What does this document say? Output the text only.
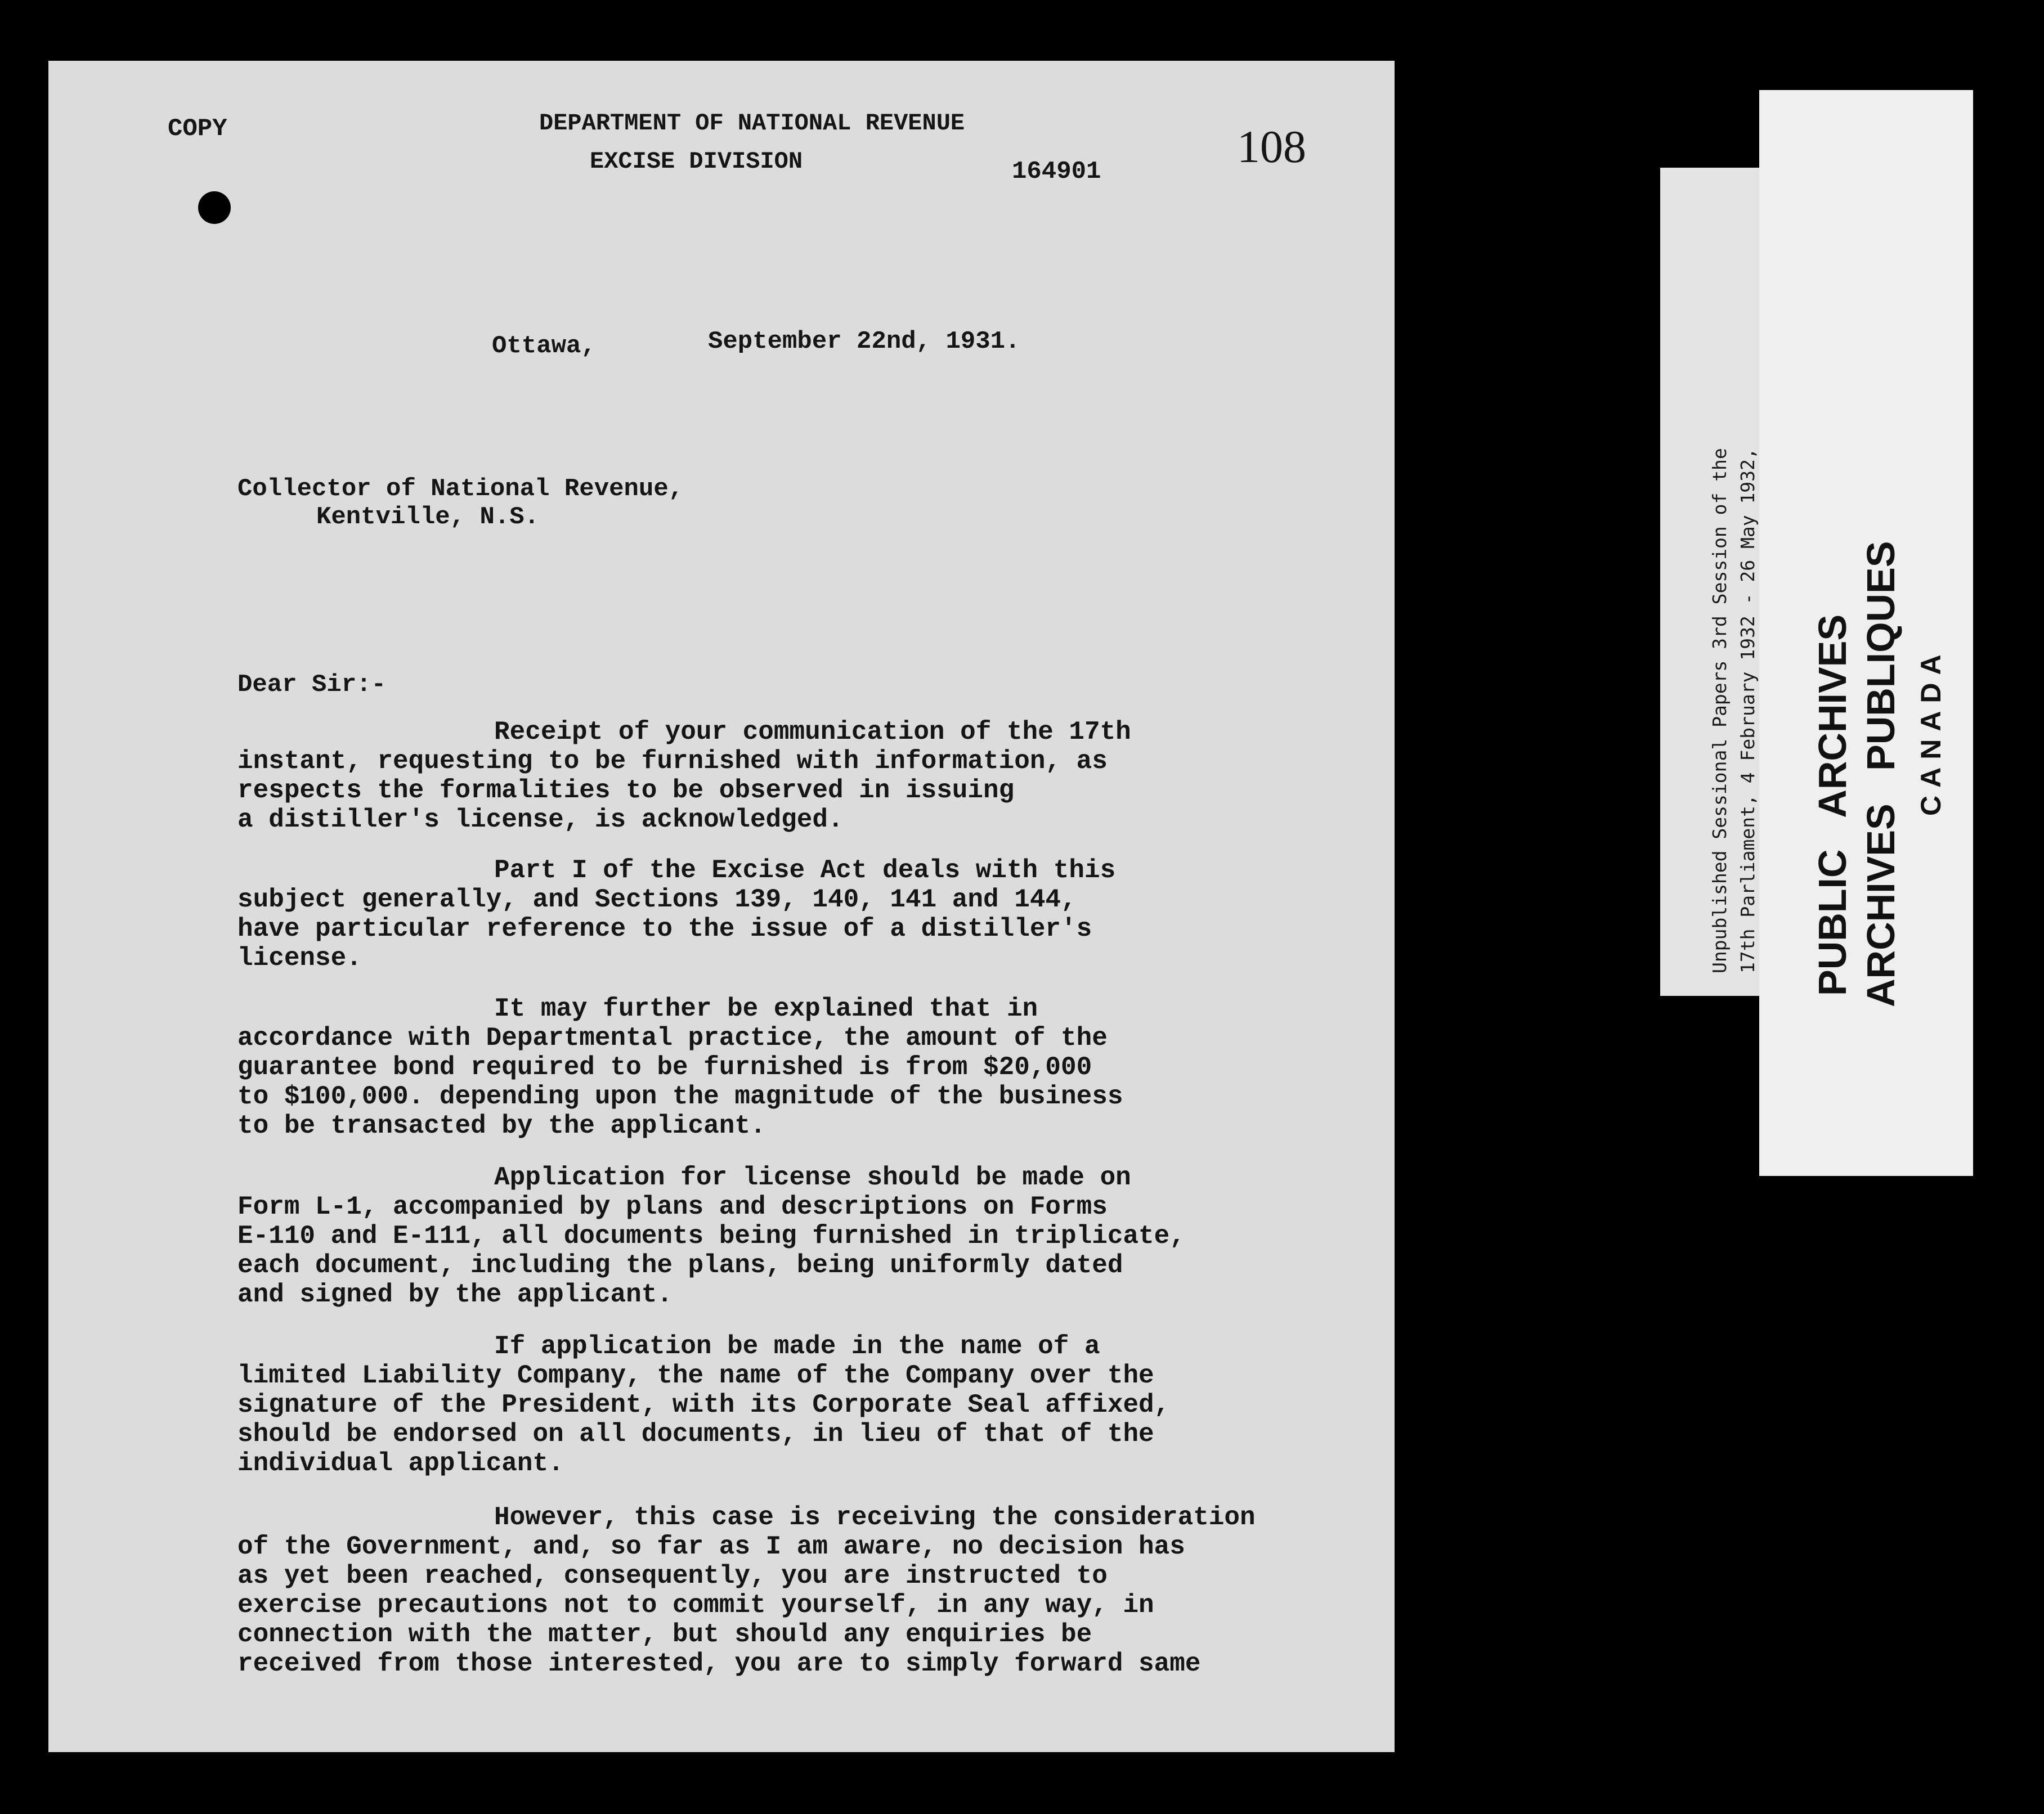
COPY	DEPARTMENT OF NATIONAL REVENUE
EXCISE DIVISION	164901	108
Ottawa,	September 22nd, 1931.
Collector of National Revenue,
Kentville, N.S.
Dear Sir:-
Receipt of your communication of the 17th
instant, requesting to be furnished with information, as
respects the formalities to be observed in issuing
a distiller's license, is acknowledged.
Part I of the Excise Act deals with this
subject generally, and Sections 139, 140, 141 and 144,
have particular reference to the issue of a distiller's
license.
It may further be explained that in
accordance with Departmental practice, the amount of the
guarantee bond required to be furnished is from $20,000
to $100,000. depending upon the magnitude of the business
to be transacted by the applicant.
Application for license should be made on
Form L-1, accompanied by plans and descriptions on Forms
E-110 and E-111, all documents being furnished in triplicate,
each document, including the plans, being uniformly dated
and signed by the applicant.
If application be made in the name of a
limited Liability Company, the name of the Company over the
signature of the President, with its Corporate Seal affixed,
should be endorsed on all documents, in lieu of that of the
individual applicant.
However, this case is receiving the consideration
of the Government, and, so far as I am aware, no decision has
as yet been reached, consequently, you are instructed to
exercise precautions not to commit yourself, in any way, in
connection with the matter, but should any enquiries be
received from those interested, you are to simply forward same
Unpublished Sessional Papers 3rd Session of the 17th Parliament, 4 February 1932 - 26 May 1932, PUBLIC   ARCHIVES ARCHIVES   PUBLIQUES CANADA
